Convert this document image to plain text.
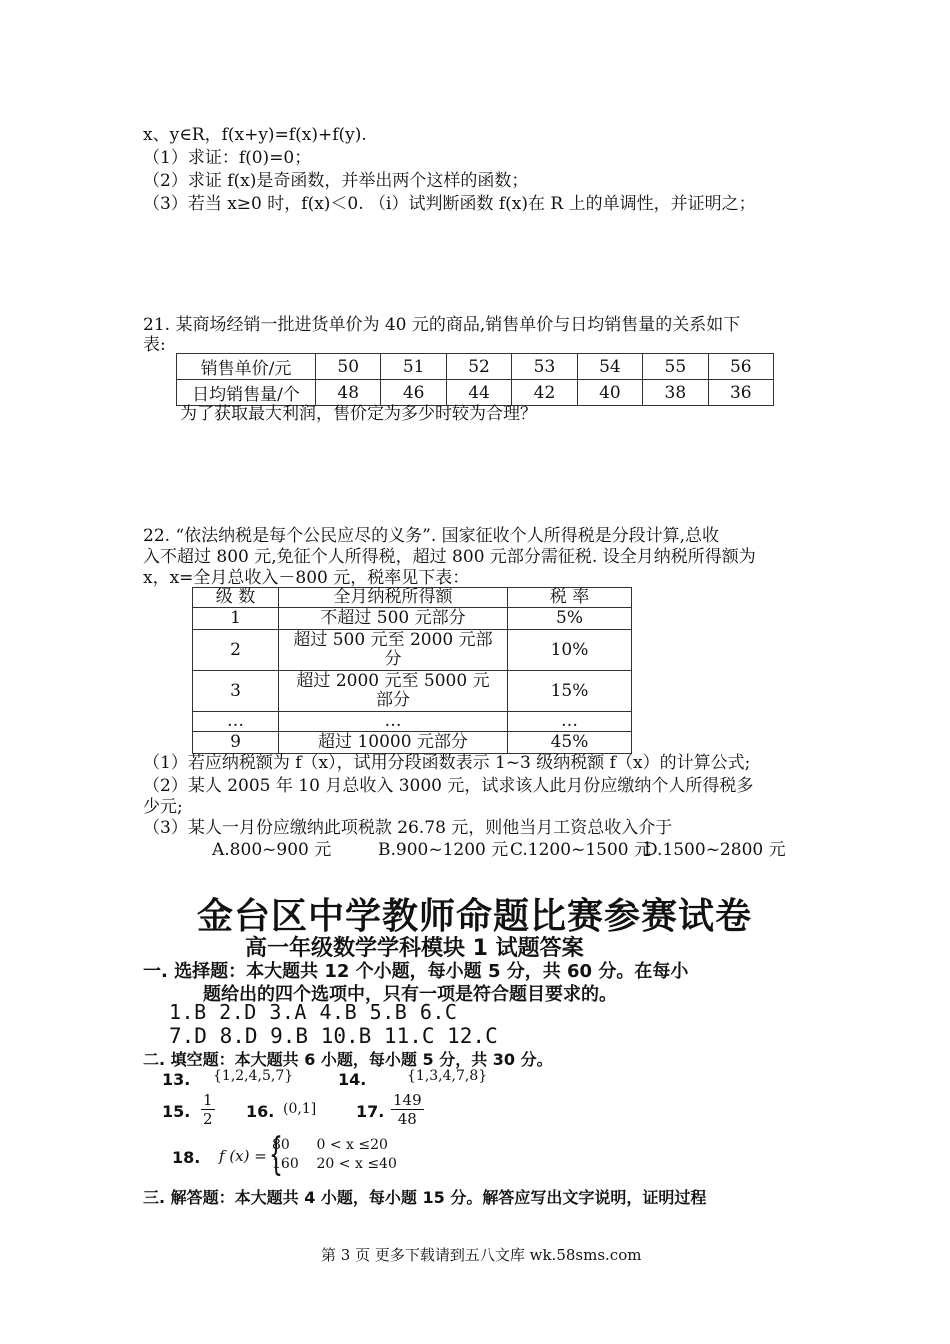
x、y∈R，f(x+y)=f(x)+f(y).
（1）求证：f(0)=0；
（2）求证 f(x)是奇函数，并举出两个这样的函数；
（3）若当 x≥0 时，f(x)＜0. （i）试判断函数 f(x)在 R 上的单调性，并证明之；
21. 某商场经销一批进货单价为 40 元的商品,销售单价与日均销售量的关系如下
表:
销售单价/元	50	51	52	53	54	55	56
日均销售量/个	48	46	44	42	40	38	36
为了获取最大利润，售价定为多少时较为合理？
22. “依法纳税是每个公民应尽的义务”. 国家征收个人所得税是分段计算,总收
入不超过 800 元,免征个人所得税，超过 800 元部分需征税. 设全月纳税所得额为
x，x=全月总收入－800 元，税率见下表：
级 数	全月纳税所得额	税 率
1	不超过 500 元部分	5%
2	超过 500 元至 2000 元部分	10%
3	超过 2000 元至 5000 元部分	15%
…	…	…
9	超过 10000 元部分	45%
（1）若应纳税额为 f（x），试用分段函数表示 1~3 级纳税额 f（x）的计算公式;
（2）某人 2005 年 10 月总收入 3000 元，试求该人此月份应缴纳个人所得税多
少元;
（3）某人一月份应缴纳此项税款 26.78 元，则他当月工资总收入介于
A.800~900 元	B.900~1200 元 C.1200~1500 元
D.1500~2800 元
金台区中学教师命题比赛参赛试卷
高一年级数学学科模块 1 试题答案
一. 选择题：本大题共 12 个小题，每小题 5 分，共 60 分。在每小
题给出的四个选项中，只有一项是符合题目要求的。
1.B 2.D 3.A 4.B 5.B 6.C
7.D 8.D 9.B 10.B 11.C 12.C
二. 填空题：本大题共 6 小题，每小题 5 分，共 30 分。
13. {1,2,4,5,7}	14.	{1,3,4,7,8}
15. $\frac{1}{2} 16$. (0,1] 17. $\frac{149}{48}$
18. f (x) = {
80      0 < x ≤20
160    20 < x ≤40
三. 解答题：本大题共 4 小题，每小题 15 分。解答应写出文字说明，证明过程
第 3 页 更多下载请到五八文库 wk.58sms.com
